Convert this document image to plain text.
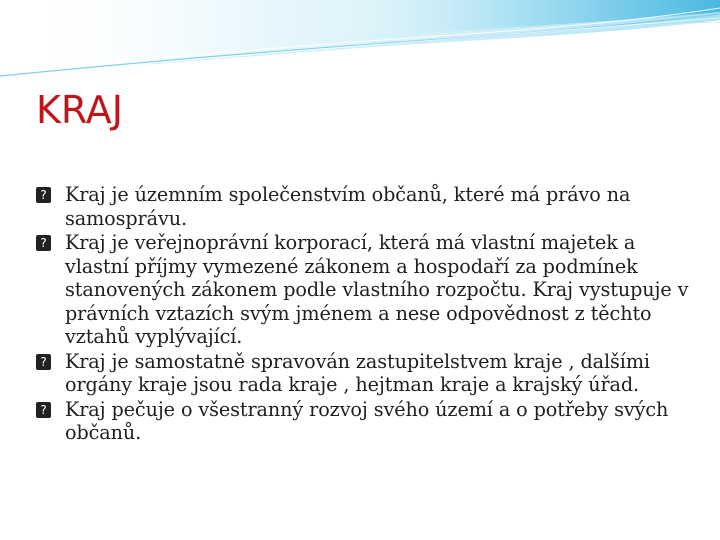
KRAJ
? Kraj je územním společenstvím občanů, které má právo na samosprávu.
? Kraj je veřejnoprávní korporací, která má vlastní majetek a vlastní příjmy vymezené zákonem a hospodaří za podmínek stanovených zákonem podle vlastního rozpočtu. Kraj vystupuje v právních vztazích svým jménem a nese odpovědnost z těchto vztahů vyplývající.
? Kraj je samostatně spravován zastupitelstvem kraje , dalšími orgány kraje jsou rada kraje , hejtman kraje a krajský úřad.
? Kraj pečuje o všestranný rozvoj svého území a o potřeby svých občanů.
